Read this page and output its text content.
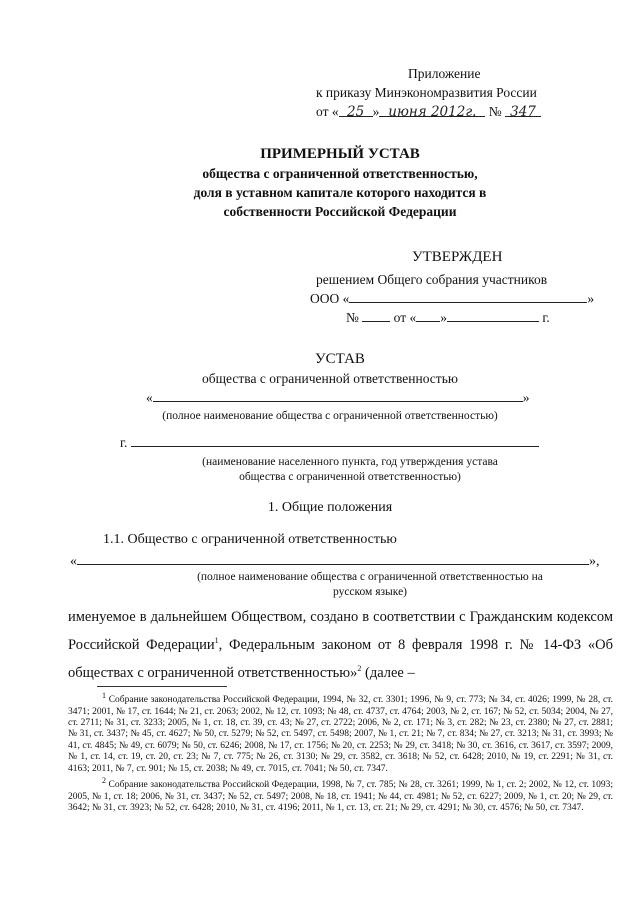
Приложение
к приказу Минэкономразвития России
от « 25 » июня 2012г. № 347
ПРИМЕРНЫЙ УСТАВ
общества с ограниченной ответственностью,
доля в уставном капитале которого находится в
собственности Российской Федерации
УТВЕРЖДЕН
решением Общего собрания участников
ООО «	»
№	от « »	г.
УСТАВ
общества с ограниченной ответственностью
«	»
(полное наименование общества с ограниченной ответственностью)
г.
(наименование населенного пункта, год утверждения устава
общества с ограниченной ответственностью)
1. Общие положения
1.1. Общество с ограниченной ответственностью
«	»,
(полное наименование общества с ограниченной ответственностью на
русском языке)

именуемое в дальнейшем Обществом, создано в соответствии с Гражданским кодексом Российской Федерации$^1$, Федеральным законом от 8 февраля 1998 г. № 14-ФЗ «Об обществах с ограниченной ответственностью»$^2$ (далее –

$^1$ Собрание законодательства Российской Федерации, 1994, № 32, ст. 3301; 1996, № 9, ст. 773; № 34, ст. 4026; 1999, № 28, ст. 3471; 2001, № 17, ст. 1644; № 21, ст. 2063; 2002, № 12, ст. 1093; № 48, ст. 4737, ст. 4764; 2003, № 2, ст. 167; № 52, ст. 5034; 2004, № 27, ст. 2711; № 31, ст. 3233; 2005, № 1, ст. 18, ст. 39, ст. 43; № 27, ст. 2722; 2006, № 2, ст. 171; № 3, ст. 282; № 23, ст. 2380; № 27, ст. 2881; № 31, ст. 3437; № 45, ст. 4627; № 50, ст. 5279; № 52, ст. 5497, ст. 5498; 2007, № 1, ст. 21; № 7, ст. 834; № 27, ст. 3213; № 31, ст. 3993; № 41, ст. 4845; № 49, ст. 6079; № 50, ст. 6246; 2008, № 17, ст. 1756; № 20, ст. 2253; № 29, ст. 3418; № 30, ст. 3616, ст. 3617, ст. 3597; 2009, № 1, ст. 14, ст. 19, ст. 20, ст. 23; № 7, ст. 775; № 26, ст. 3130; № 29, ст. 3582, ст. 3618; № 52, ст. 6428; 2010, № 19, ст. 2291; № 31, ст. 4163; 2011, № 7, ст. 901; № 15, ст. 2038; № 49, ст. 7015, ст. 7041; № 50, ст. 7347.

$^2$ Собрание законодательства Российской Федерации, 1998, № 7, ст. 785; № 28, ст. 3261; 1999, № 1, ст. 2; 2002, № 12, ст. 1093; 2005, № 1, ст. 18; 2006, № 31, ст. 3437; № 52, ст. 5497; 2008, № 18, ст. 1941; № 44, ст. 4981; № 52, ст. 6227; 2009, № 1, ст. 20; № 29, ст. 3642; № 31, ст. 3923; № 52, ст. 6428; 2010, № 31, ст. 4196; 2011, № 1, ст. 13, ст. 21; № 29, ст. 4291; № 30, ст. 4576; № 50, ст. 7347.
